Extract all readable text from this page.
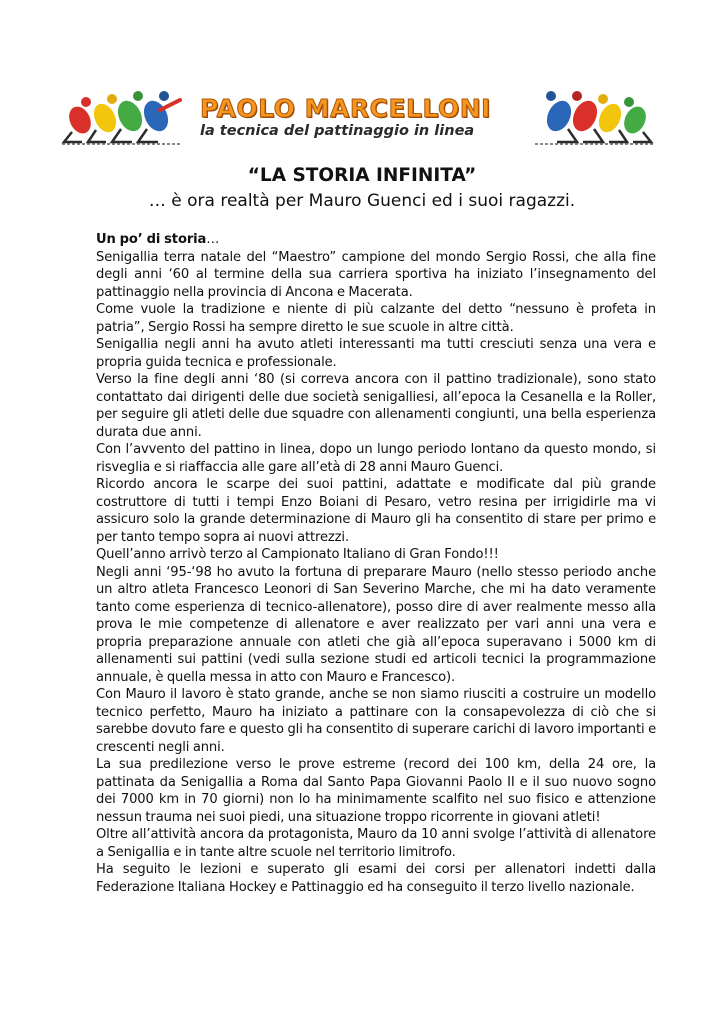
PAOLO MARCELLONI
la tecnica del pattinaggio in linea
“LA STORIA INFINITA”
… è ora realtà per Mauro Guenci ed i suoi ragazzi.

Un po’ di storia…

Senigallia terra natale del “Maestro” campione del mondo Sergio Rossi, che alla fine degli anni ‘60 al termine della sua carriera sportiva ha iniziato l’insegnamento del pattinaggio nella provincia di Ancona e Macerata.

Come vuole la tradizione e niente di più calzante del detto “nessuno è profeta in patria”, Sergio Rossi ha sempre diretto le sue scuole in altre città.

Senigallia negli anni ha avuto atleti interessanti ma tutti cresciuti senza una vera e propria guida tecnica e professionale.

Verso la fine degli anni ‘80 (si correva ancora con il pattino tradizionale), sono stato contattato dai dirigenti delle due società senigalliesi, all’epoca la Cesanella e la Roller, per seguire gli atleti delle due squadre con allenamenti congiunti, una bella esperienza durata due anni.

Con l’avvento del pattino in linea, dopo un lungo periodo lontano da questo mondo, si risveglia e si riaffaccia alle gare all’età di 28 anni Mauro Guenci.

Ricordo ancora le scarpe dei suoi pattini, adattate e modificate dal più grande costruttore di tutti i tempi Enzo Boiani di Pesaro, vetro resina per irrigidirle ma vi assicuro solo la grande determinazione di Mauro gli ha consentito di stare per primo e per tanto tempo sopra ai nuovi attrezzi.

Quell’anno arrivò terzo al Campionato Italiano di Gran Fondo!!!

Negli anni ‘95-‘98 ho avuto la fortuna di preparare Mauro (nello stesso periodo anche un altro atleta Francesco Leonori di San Severino Marche, che mi ha dato veramente tanto come esperienza di tecnico-allenatore), posso dire di aver realmente messo alla prova le mie competenze di allenatore e aver realizzato per vari anni una vera e propria preparazione annuale con atleti che già all’epoca superavano i 5000 km di allenamenti sui pattini (vedi sulla sezione studi ed articoli tecnici la programmazione annuale, è quella messa in atto con Mauro e Francesco).

Con Mauro il lavoro è stato grande, anche se non siamo riusciti a costruire un modello tecnico perfetto, Mauro ha iniziato a pattinare con la consapevolezza di ciò che si sarebbe dovuto fare e questo gli ha consentito di superare carichi di lavoro importanti e crescenti negli anni.

La sua predilezione verso le prove estreme (record dei 100 km, della 24 ore, la pattinata da Senigallia a Roma dal Santo Papa Giovanni Paolo II e il suo nuovo sogno dei 7000 km in 70 giorni) non lo ha minimamente scalfito nel suo fisico e attenzione nessun trauma nei suoi piedi, una situazione troppo ricorrente in giovani atleti!

Oltre all’attività ancora da protagonista, Mauro da 10 anni svolge l’attività di allenatore a Senigallia e in tante altre scuole nel territorio limitrofo.

Ha seguito le lezioni e superato gli esami dei corsi per allenatori indetti dalla Federazione Italiana Hockey e Pattinaggio ed ha conseguito il terzo livello nazionale.
